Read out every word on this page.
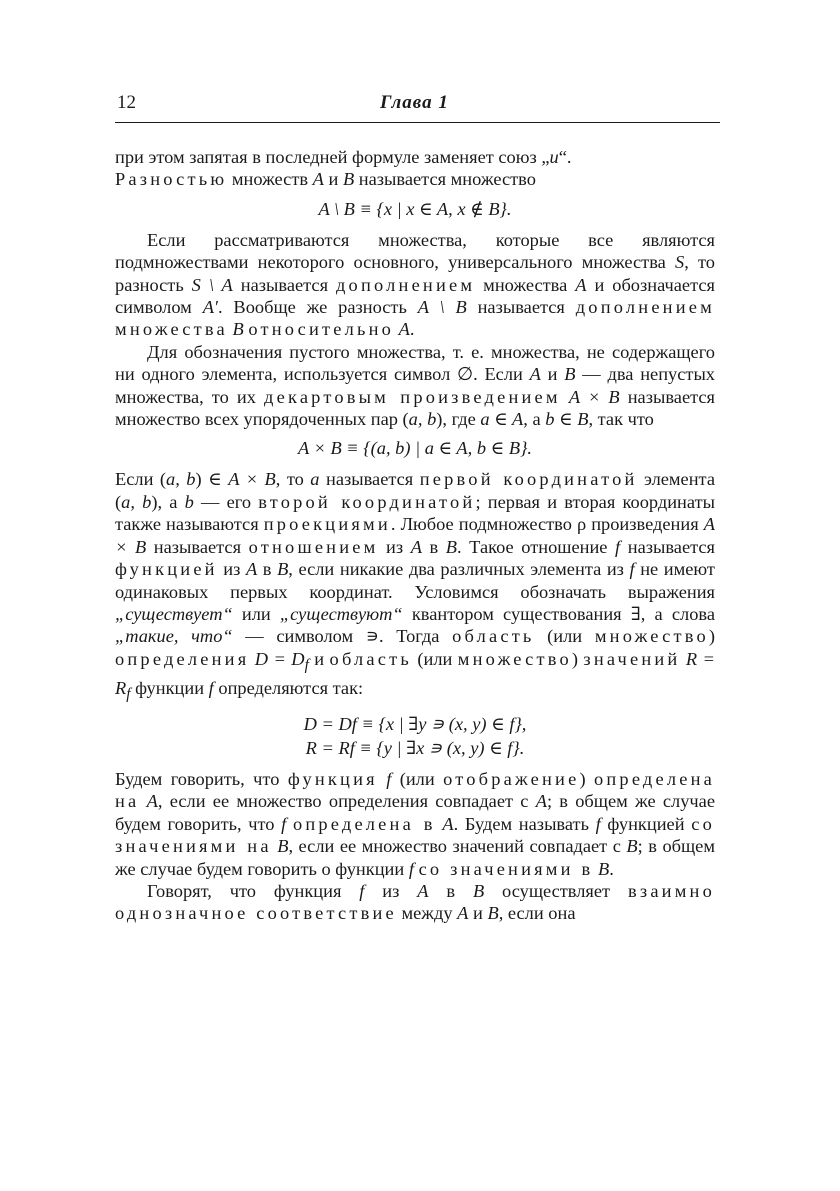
12	Глава 1

при этом запятая в последней формуле заменяет союз „и“.
Разностью множеств A и B называется множество

A \ B ≡ {x | x ∈ A, x ∉ B}.

Если рассматриваются множества, которые все являются подмножествами некоторого основного, универсального множества S, то разность S \ A называется дополнением множества A и обозначается символом A′. Вообще же разность A \ B называется дополнением множества B относительно A.

Для обозначения пустого множества, т. е. множества, не содержащего ни одного элемента, используется символ ∅. Если A и B — два непустых множества, то их декартовым произведением A × B называется множество всех упорядоченных пар (a, b), где a ∈ A, a b ∈ B, так что

A × B ≡ {(a, b) | a ∈ A, b ∈ B}.

Если (a, b) ∈ A × B, то a называется первой координатой элемента (a, b), а b — его второй координатой; первая и вторая координаты также называются проекциями. Любое подмножество ρ произведения A × B называется отношением из A в B. Такое отношение f называется функцией из A в B, если никакие два различных элемента из f не имеют одинаковых первых координат. Условимся обозначать выражения „существует“ или „существуют“ квантором существования ∃, а слова „такие, что“ — символом ∍. Тогда область (или множество) определения $D = D_f$ и область (или множество) значений $R = R_f$ функции f определяются так:

D = Df ≡ {x | ∃y ∍ (x, y) ∈ f},
R = Rf ≡ {y | ∃x ∍ (x, y) ∈ f}.

Будем говорить, что функция f (или отображение) определена на A, если ее множество определения совпадает с A; в общем же случае будем говорить, что f определена в A. Будем называть f функцией со значениями на B, если ее множество значений совпадает с B; в общем же случае будем говорить о функции f со значениями в B.

Говорят, что функция f из A в B осуществляет взаимно однозначное соответствие между A и B, если она
